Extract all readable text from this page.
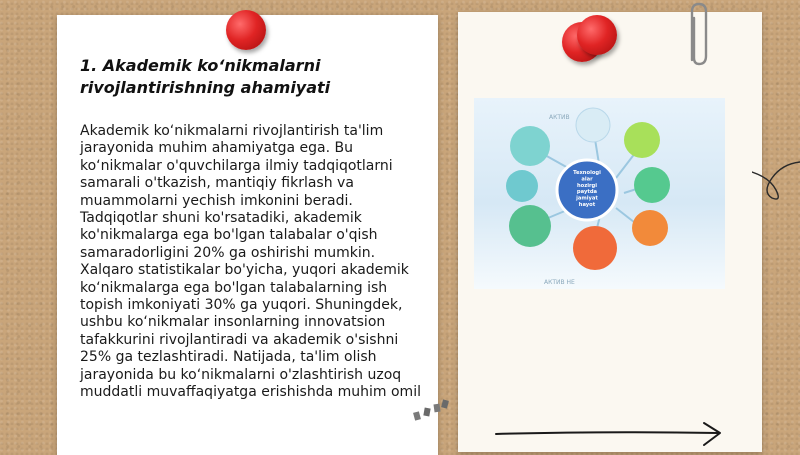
1. Akademik ko‘nikmalarni rivojlantirishning ahamiyati

Akademik ko‘nikmalarni rivojlantirish ta'lim jarayonida muhim ahamiyatga ega. Bu ko‘nikmalar o'quvchilarga ilmiy tadqiqotlarni samarali o'tkazish, mantiqiy fikrlash va muammolarni yechish imkonini beradi. Tadqiqotlar shuni ko'rsatadiki, akademik ko'nikmalarga ega bo'lgan talabalar o'qish samaradorligini 20% ga oshirishi mumkin. Xalqaro statistikalar bo'yicha, yuqori akademik ko‘nikmalarga ega bo'lgan talabalarning ish topish imkoniyati 30% ga yuqori. Shuningdek, ushbu ko‘nikmalar insonlarning innovatsion tafakkurini rivojlantiradi va akademik o'sishni 25% ga tezlashtiradi. Natijada, ta'lim olish jarayonida bu ko‘nikmalarni o'zlashtirish uzoq muddatli muvaffaqiyatga erishishda muhim omil

Texnologi alar hozirgi paytda jamiyat hayot
АКТИВ
АКТИВ НЕ
